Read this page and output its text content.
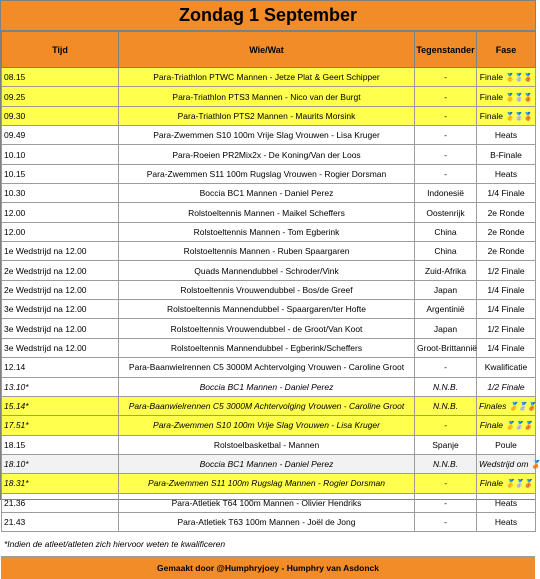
Zondag 1 September
Tijd	Wie/Wat	Tegenstander	Fase
08.15	Para-Triathlon PTWC Mannen - Jetze Plat & Geert Schipper	-	Finale 🥇🥈🥉
09.25	Para-Triathlon PTS3 Mannen - Nico van der Burgt	-	Finale 🥇🥈🥉
09.30	Para-Triathlon PTS2 Mannen - Maurits Morsink	-	Finale 🥇🥈🥉
09.49	Para-Zwemmen S10 100m Vrije Slag Vrouwen - Lisa Kruger	-	Heats
10.10	Para-Roeien PR2Mix2x - De Koning/Van der Loos	-	B-Finale
10.15	Para-Zwemmen S11 100m Rugslag Vrouwen - Rogier Dorsman	-	Heats
10.30	Boccia BC1 Mannen - Daniel Perez	Indonesië	1/4 Finale
12.00	Rolstoeltennis Mannen - Maikel Scheffers	Oostenrijk	2e Ronde
12.00	Rolstoeltennis Mannen - Tom Egberink	China	2e Ronde
1e Wedstrijd na 12.00	Rolstoeltennis Mannen - Ruben Spaargaren	China	2e Ronde
2e Wedstrijd na 12.00	Quads Mannendubbel - Schroder/Vink	Zuid-Afrika	1/2 Finale
2e Wedstrijd na 12.00	Rolstoeltennis Vrouwendubbel - Bos/de Greef	Japan	1/4 Finale
3e Wedstrijd na 12.00	Rolstoeltennis Mannendubbel - Spaargaren/ter Hofte	Argentinië	1/4 Finale
3e Wedstrijd na 12.00	Rolstoeltennis Vrouwendubbel - de Groot/Van Koot	Japan	1/2 Finale
3e Wedstrijd na 12.00	Rolstoeltennis Mannendubbel - Egberink/Scheffers	Groot-Brittannië	1/4 Finale
12.14	Para-Baanwielrennen C5 3000M Achtervolging Vrouwen - Caroline Groot	-	Kwalificatie
13.10*	Boccia BC1 Mannen - Daniel Perez	N.N.B.	1/2 Finale
15.14*	Para-Baanwielrennen C5 3000M Achtervolging Vrouwen - Caroline Groot	N.N.B.	Finales 🥇🥈🥉
17.51*	Para-Zwemmen S10 100m Vrije Slag Vrouwen - Lisa Kruger	-	Finale 🥇🥈🥉
18.15	Rolstoelbasketbal - Mannen	Spanje	Poule
18.10*	Boccia BC1 Mannen - Daniel Perez	N.N.B.	Wedstrijd om 🥉
18.31*	Para-Zwemmen S11 100m Rugslag Mannen - Rogier Dorsman	-	Finale 🥇🥈🥉
21.36	Para-Atletiek T64 100m Mannen - Olivier Hendriks	-	Heats
21.43	Para-Atletiek T63 100m Mannen - Joël de Jong	-	Heats
*Indien de atleet/atleten zich hiervoor weten te kwalificeren
Gemaakt door @Humphryjoey - Humphry van Asdonck
